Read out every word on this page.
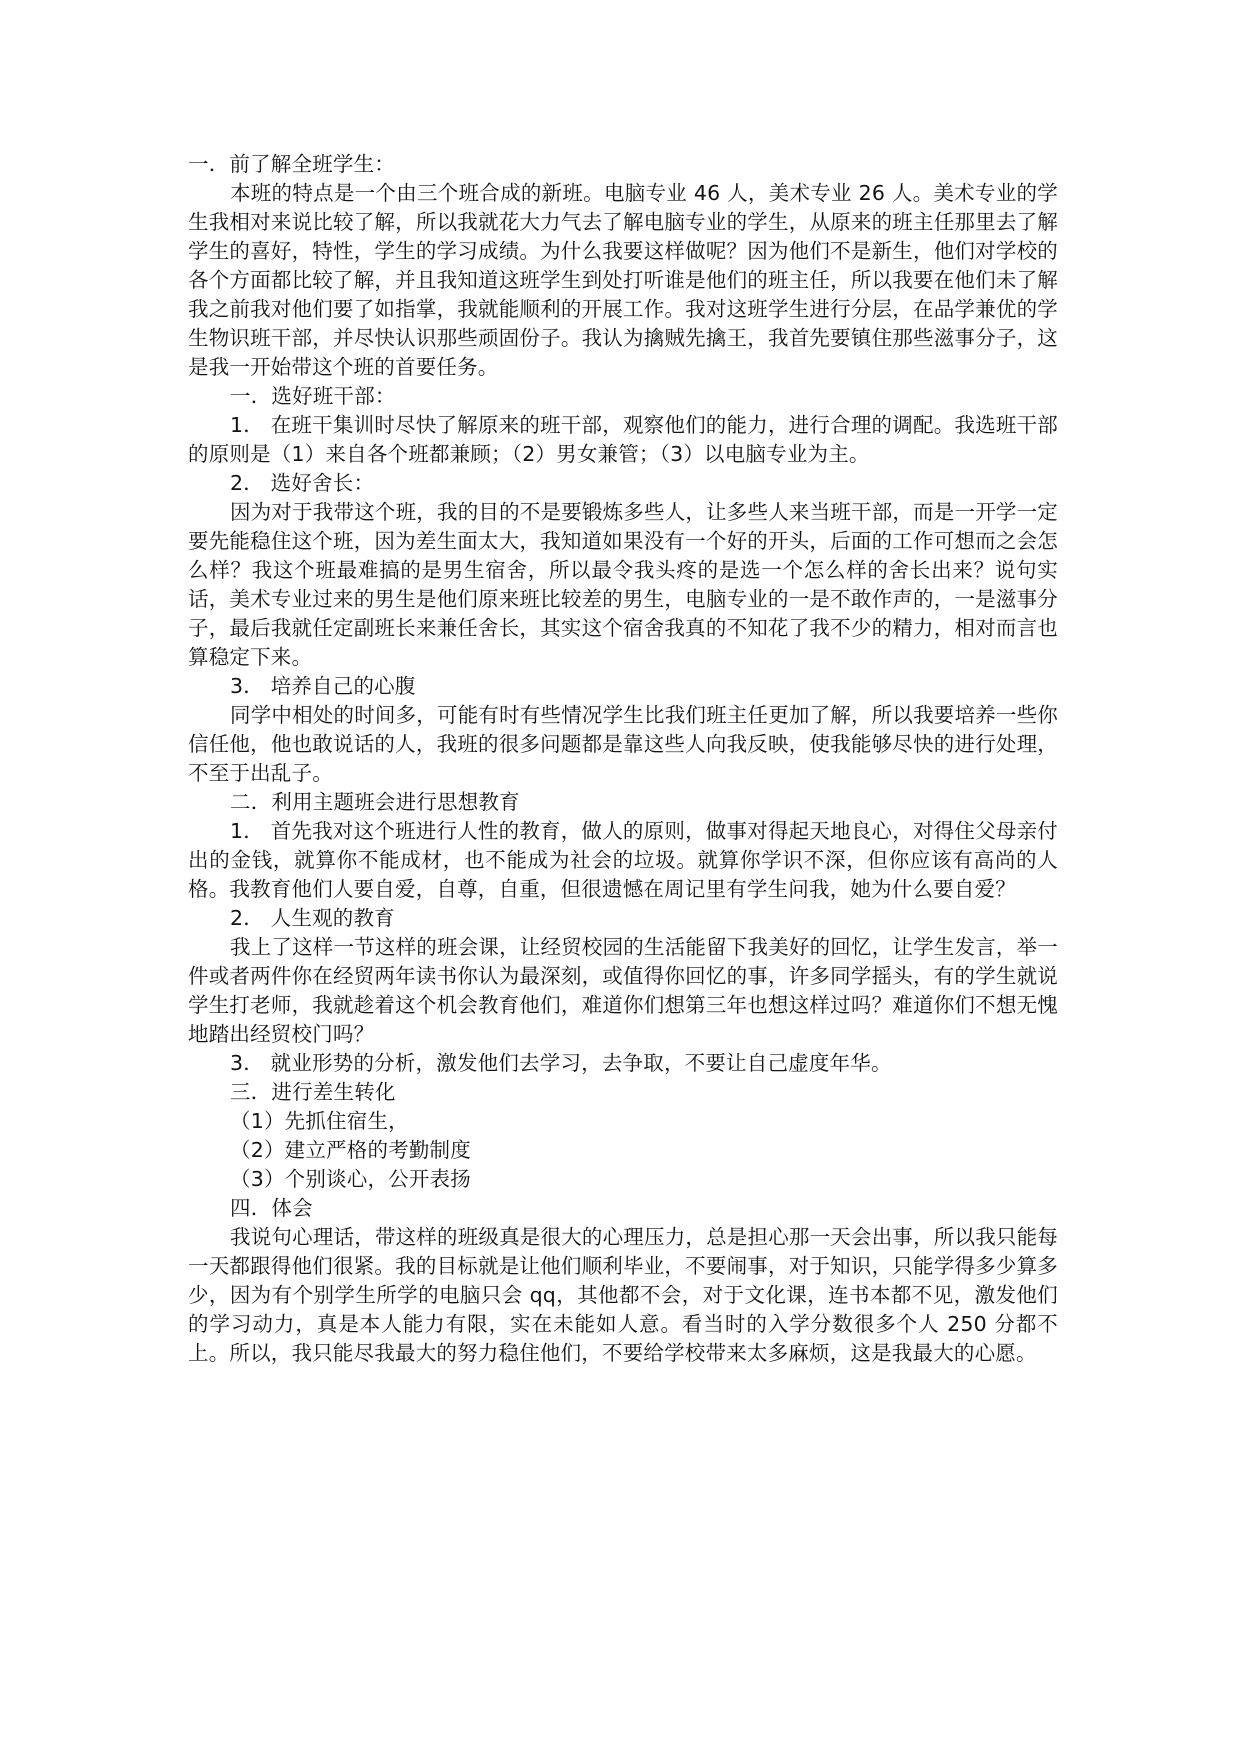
一．前了解全班学生：

本班的特点是一个由三个班合成的新班。电脑专业 46 人，美术专业 26 人。美术专业的学生我相对来说比较了解，所以我就花大力气去了解电脑专业的学生，从原来的班主任那里去了解学生的喜好，特性，学生的学习成绩。为什么我要这样做呢？因为他们不是新生，他们对学校的各个方面都比较了解，并且我知道这班学生到处打听谁是他们的班主任，所以我要在他们未了解我之前我对他们要了如指掌，我就能顺利的开展工作。我对这班学生进行分层，在品学兼优的学生物识班干部，并尽快认识那些顽固份子。我认为擒贼先擒王，我首先要镇住那些滋事分子，这是我一开始带这个班的首要任务。

一．选好班干部：

1． 在班干集训时尽快了解原来的班干部，观察他们的能力，进行合理的调配。我选班干部的原则是（1）来自各个班都兼顾；（2）男女兼管；（3）以电脑专业为主。

2． 选好舍长：

因为对于我带这个班，我的目的不是要锻炼多些人，让多些人来当班干部，而是一开学一定要先能稳住这个班，因为差生面太大，我知道如果没有一个好的开头，后面的工作可想而之会怎么样？我这个班最难搞的是男生宿舍，所以最令我头疼的是选一个怎么样的舍长出来？说句实话，美术专业过来的男生是他们原来班比较差的男生，电脑专业的一是不敢作声的，一是滋事分子，最后我就任定副班长来兼任舍长，其实这个宿舍我真的不知花了我不少的精力，相对而言也算稳定下来。

3． 培养自己的心腹

同学中相处的时间多，可能有时有些情况学生比我们班主任更加了解，所以我要培养一些你信任他，他也敢说话的人，我班的很多问题都是靠这些人向我反映，使我能够尽快的进行处理，不至于出乱子。

二．利用主题班会进行思想教育

1． 首先我对这个班进行人性的教育，做人的原则，做事对得起天地良心，对得住父母亲付出的金钱，就算你不能成材，也不能成为社会的垃圾。就算你学识不深，但你应该有高尚的人格。我教育他们人要自爱，自尊，自重，但很遗憾在周记里有学生问我，她为什么要自爱？

2． 人生观的教育

我上了这样一节这样的班会课，让经贸校园的生活能留下我美好的回忆，让学生发言，举一件或者两件你在经贸两年读书你认为最深刻，或值得你回忆的事，许多同学摇头，有的学生就说学生打老师，我就趁着这个机会教育他们，难道你们想第三年也想这样过吗？难道你们不想无愧地踏出经贸校门吗？

3． 就业形势的分析，激发他们去学习，去争取，不要让自己虚度年华。

三．进行差生转化

（1）先抓住宿生，

（2）建立严格的考勤制度

（3）个别谈心，公开表扬

四．体会

我说句心理话，带这样的班级真是很大的心理压力，总是担心那一天会出事，所以我只能每一天都跟得他们很紧。我的目标就是让他们顺利毕业，不要闹事，对于知识，只能学得多少算多少，因为有个别学生所学的电脑只会 qq，其他都不会，对于文化课，连书本都不见，激发他们的学习动力，真是本人能力有限，实在未能如人意。看当时的入学分数很多个人 250 分都不上。所以，我只能尽我最大的努力稳住他们，不要给学校带来太多麻烦，这是我最大的心愿。
